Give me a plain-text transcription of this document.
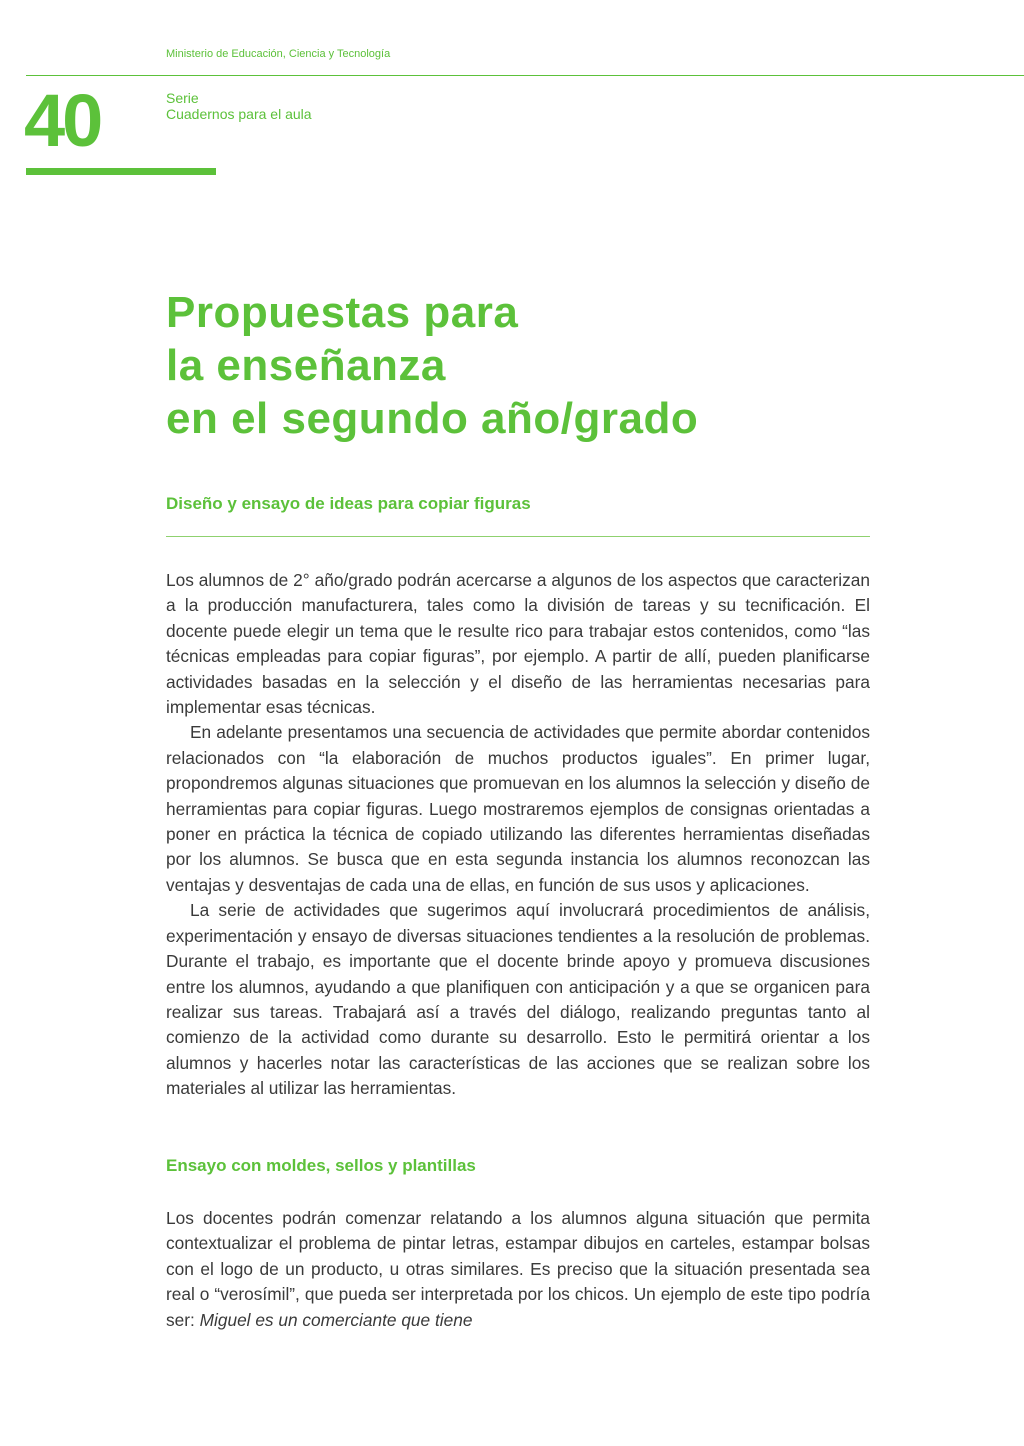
Ministerio de Educación, Ciencia y Tecnología
40	Serie
Cuadernos para el aula
Propuestas para
la enseñanza
en el segundo año/grado
Diseño y ensayo de ideas para copiar figuras

Los alumnos de 2° año/grado podrán acercarse a algunos de los aspectos que caracterizan a la producción manufacturera, tales como la división de tareas y su tecnificación. El docente puede elegir un tema que le resulte rico para trabajar estos contenidos, como “las técnicas empleadas para copiar figuras”, por ejemplo. A partir de allí, pueden planificarse actividades basadas en la selección y el diseño de las herramientas necesarias para implementar esas técnicas.

En adelante presentamos una secuencia de actividades que permite abordar contenidos relacionados con “la elaboración de muchos productos iguales”. En primer lugar, propondremos algunas situaciones que promuevan en los alumnos la selección y diseño de herramientas para copiar figuras. Luego mostraremos ejemplos de consignas orientadas a poner en práctica la técnica de copiado utilizando las diferentes herramientas diseñadas por los alumnos. Se busca que en esta segunda instancia los alumnos reconozcan las ventajas y desventajas de cada una de ellas, en función de sus usos y aplicaciones.

La serie de actividades que sugerimos aquí involucrará procedimientos de análisis, experimentación y ensayo de diversas situaciones tendientes a la resolución de problemas. Durante el trabajo, es importante que el docente brinde apoyo y promueva discusiones entre los alumnos, ayudando a que planifiquen con anticipación y a que se organicen para realizar sus tareas. Trabajará así a través del diálogo, realizando preguntas tanto al comienzo de la actividad como durante su desarrollo. Esto le permitirá orientar a los alumnos y hacerles notar las características de las acciones que se realizan sobre los materiales al utilizar las herramientas.

Ensayo con moldes, sellos y plantillas

Los docentes podrán comenzar relatando a los alumnos alguna situación que permita contextualizar el problema de pintar letras, estampar dibujos en carteles, estampar bolsas con el logo de un producto, u otras similares. Es preciso que la situación presentada sea real o “verosímil”, que pueda ser interpretada por los chicos. Un ejemplo de este tipo podría ser: Miguel es un comerciante que tiene
